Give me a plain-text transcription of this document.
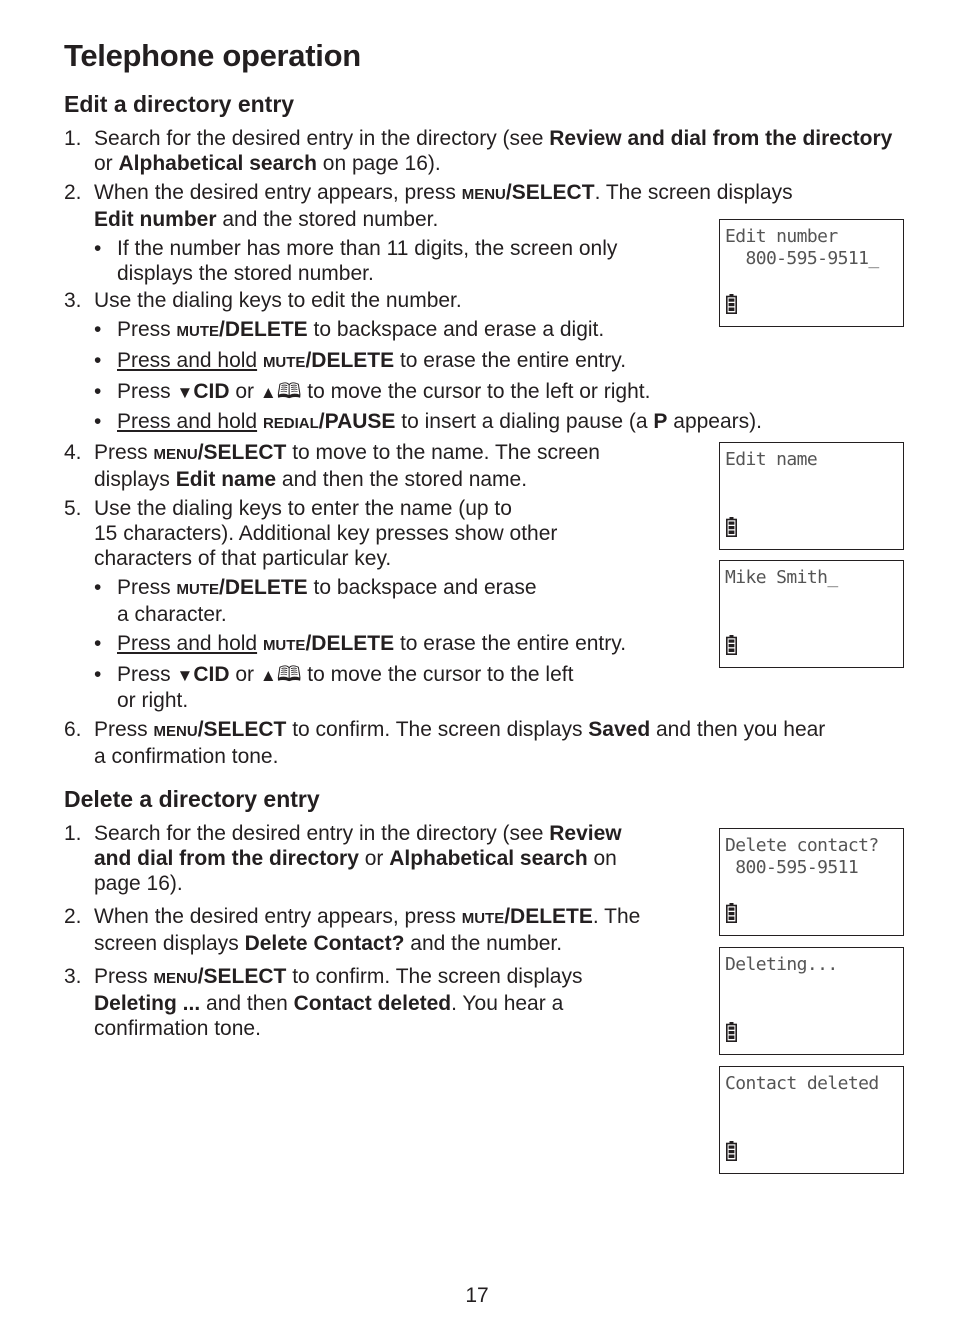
Telephone operation
Edit a directory entry
1. Search for the desired entry in the directory (see Review and dial from the directory or Alphabetical search on page 16).
2. When the desired entry appears, press MENU/SELECT. The screen displays
Edit number and the stored number.
• If the number has more than 11 digits, the screen only
displays the stored number.
3. Use the dialing keys to edit the number.
• Press MUTE/DELETE to backspace and erase a digit.
• Press and hold MUTE/DELETE to erase the entire entry.
• Press ▼CID or ▲🕮 to move the cursor to the left or right.
• Press and hold REDIAL/PAUSE to insert a dialing pause (a P appears).
4. Press MENU/SELECT to move to the name. The screen
displays Edit name and then the stored name.
5. Use the dialing keys to enter the name (up to
15 characters). Additional key presses show other
characters of that particular key.
• Press MUTE/DELETE to backspace and erase
a character.
• Press and hold MUTE/DELETE to erase the entire entry.
• Press ▼CID or ▲🕮 to move the cursor to the left
or right.
6. Press MENU/SELECT to confirm. The screen displays Saved and then you hear
a confirmation tone.
Delete a directory entry
1. Search for the desired entry in the directory (see Review
and dial from the directory or Alphabetical search on
page 16).
2. When the desired entry appears, press MUTE/DELETE. The
screen displays Delete Contact? and the number.
3. Press MENU/SELECT to confirm. The screen displays
Deleting ... and then Contact deleted. You hear a
confirmation tone.
Edit number
800-595-9511_
Edit name
Mike Smith_
Delete contact?
800-595-9511
Deleting...
Contact deleted
17
